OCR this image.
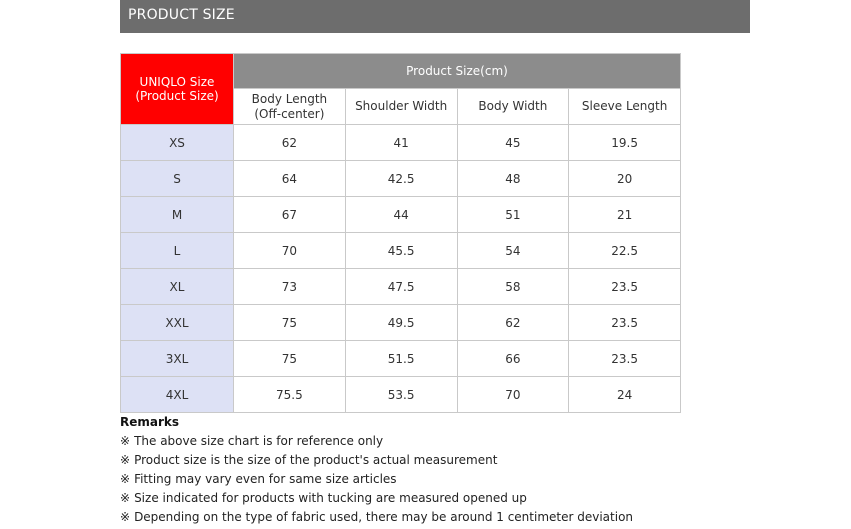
PRODUCT SIZE
UNIQLO Size
(Product Size)	Product Size(cm)			
	Body Length (Off-center)	Shoulder Width	Body Width	Sleeve Length
XS	62	41	45	19.5
S	64	42.5	48	20
M	67	44	51	21
L	70	45.5	54	22.5
XL	73	47.5	58	23.5
XXL	75	49.5	62	23.5
3XL	75	51.5	66	23.5
4XL	75.5	53.5	70	24
Remarks
※ The above size chart is for reference only
※ Product size is the size of the product's actual measurement
※ Fitting may vary even for same size articles
※ Size indicated for products with tucking are measured opened up
※ Depending on the type of fabric used, there may be around 1 centimeter deviation
